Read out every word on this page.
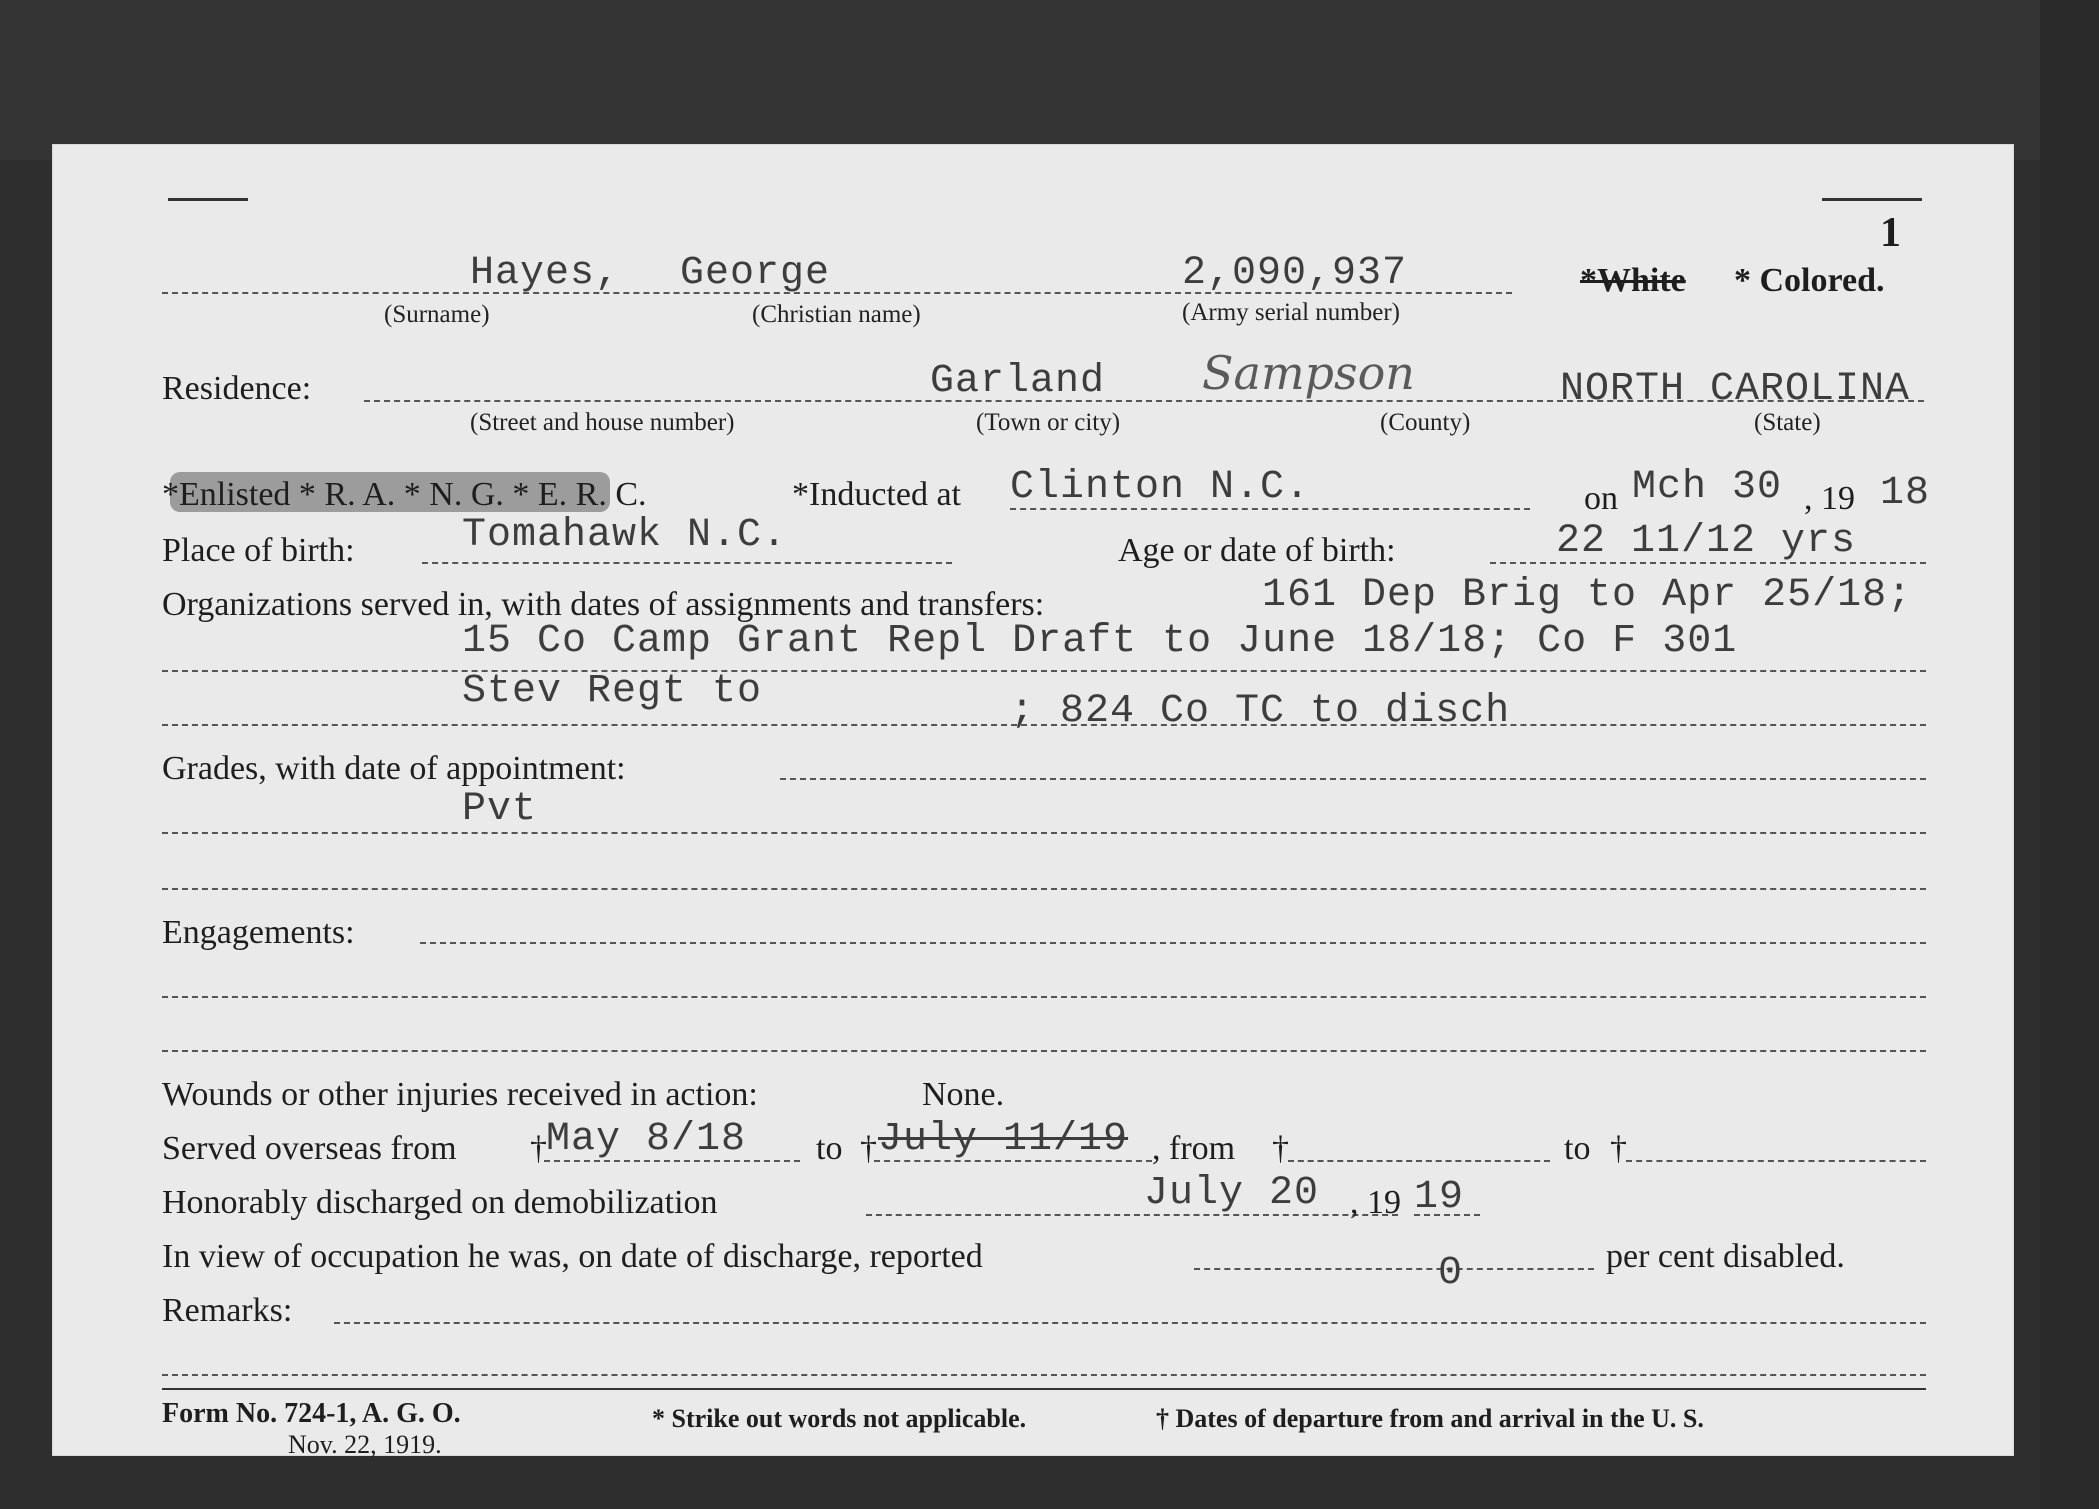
1
Hayes, George	2,090,937	*White * Colored.
(Surname)	(Christian name)	(Army serial number)
Residence:	Garland Sampson	NORTH CAROLINA
(Street and house number)	(Town or city)	(County)	(State)
*Enlisted * R. A. * N. G. * E. R. C.	*Inducted at Clinton N.C.	on Mch 30 , 19 18
Place of birth:	Tomahawk N.C.	Age or date of birth:	22 11/12 yrs
Organizations served in, with dates of assignments and transfers:	161 Dep Brig to Apr 25/18;
15 Co Camp Grant Repl Draft to June 18/18; Co F 301
Stev Regt to	; 824 Co TC to disch
Grades, with date of appointment:
Pvt
Engagements:
Wounds or other injuries received in action:	None.
Served overseas from † May 8/18 to † July 11/19 , from †	to †
Honorably discharged on demobilization	July 20 , 19 19
In view of occupation he was, on date of discharge, reported	0	per cent disabled.
Remarks:
Form No. 724-1, A. G. O.
Nov. 22, 1919.
* Strike out words not applicable.	† Dates of departure from and arrival in the U. S.
